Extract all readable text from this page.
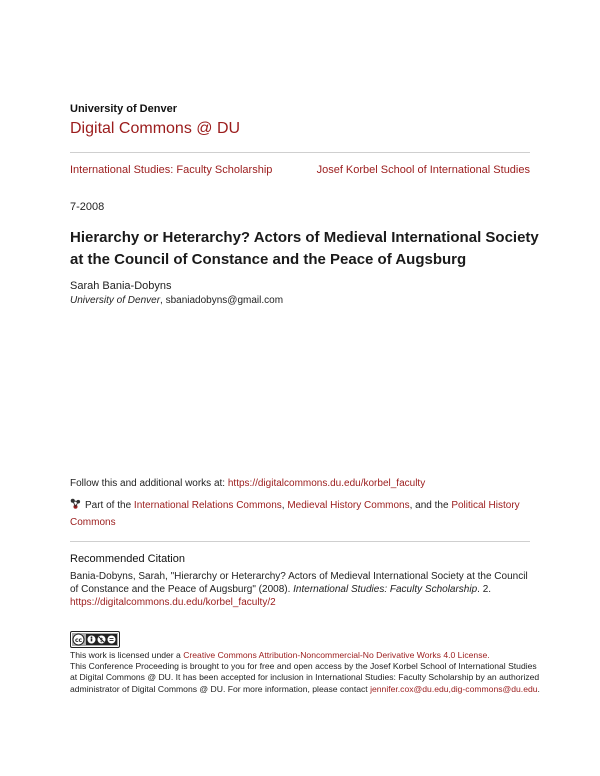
University of Denver
Digital Commons @ DU
International Studies: Faculty Scholarship	Josef Korbel School of International Studies
7-2008
Hierarchy or Heterarchy? Actors of Medieval International Society
at the Council of Constance and the Peace of Augsburg
Sarah Bania-Dobyns
University of Denver, sbaniadobyns@gmail.com
Follow this and additional works at: https://digitalcommons.du.edu/korbel_faculty
Part of the International Relations Commons, Medieval History Commons, and the Political History Commons
Recommended Citation
Bania-Dobyns, Sarah, "Hierarchy or Heterarchy? Actors of Medieval International Society at the Council of Constance and the Peace of Augsburg" (2008). International Studies: Faculty Scholarship. 2.
https://digitalcommons.du.edu/korbel_faculty/2
cc	$
This work is licensed under a Creative Commons Attribution-Noncommercial-No Derivative Works 4.0 License.
This Conference Proceeding is brought to you for free and open access by the Josef Korbel School of International Studies at Digital Commons @ DU. It has been accepted for inclusion in International Studies: Faculty Scholarship by an authorized administrator of Digital Commons @ DU. For more information, please contact jennifer.cox@du.edu,dig-commons@du.edu.
